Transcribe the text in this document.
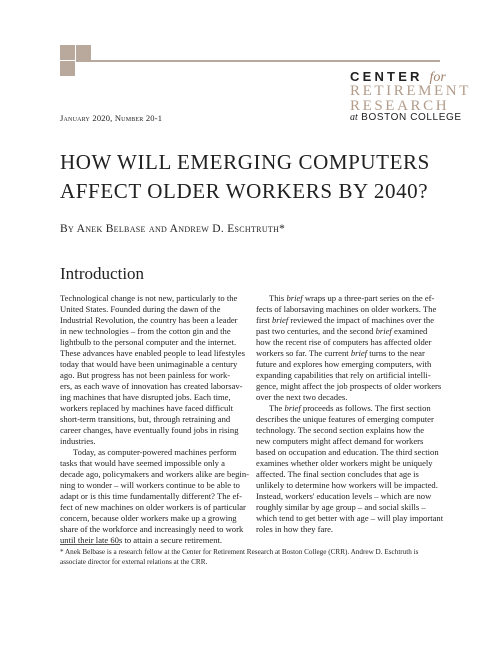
CENTER for
RETIREMENT
RESEARCH
at BOSTON COLLEGE
January 2020, Number 20-1
HOW WILL EMERGING COMPUTERS
AFFECT OLDER WORKERS BY 2040?
By Anek Belbase and Andrew D. Eschtruth*
Introduction
Technological change is not new, particularly to the
United States. Founded during the dawn of the
Industrial Revolution, the country has been a leader
in new technologies – from the cotton gin and the
lightbulb to the personal computer and the internet.
These advances have enabled people to lead lifestyles
today that would have been unimaginable a century
ago. But progress has not been painless for work-
ers, as each wave of innovation has created laborsav-
ing machines that have disrupted jobs. Each time,
workers replaced by machines have faced difficult
short-term transitions, but, through retraining and
career changes, have eventually found jobs in rising
industries.
Today, as computer-powered machines perform
tasks that would have seemed impossible only a
decade ago, policymakers and workers alike are begin-
ning to wonder – will workers continue to be able to
adapt or is this time fundamentally different? The ef-
fect of new machines on older workers is of particular
concern, because older workers make up a growing
share of the workforce and increasingly need to work
until their late 60s to attain a secure retirement.
This brief wraps up a three-part series on the ef-
fects of laborsaving machines on older workers. The
first brief reviewed the impact of machines over the
past two centuries, and the second brief examined
how the recent rise of computers has affected older
workers so far. The current brief turns to the near
future and explores how emerging computers, with
expanding capabilities that rely on artificial intelli-
gence, might affect the job prospects of older workers
over the next two decades.
The brief proceeds as follows. The first section
describes the unique features of emerging computer
technology. The second section explains how the
new computers might affect demand for workers
based on occupation and education. The third section
examines whether older workers might be uniquely
affected. The final section concludes that age is
unlikely to determine how workers will be impacted.
Instead, workers' education levels – which are now
roughly similar by age group – and social skills –
which tend to get better with age – will play important
roles in how they fare.
* Anek Belbase is a research fellow at the Center for Retirement Research at Boston College (CRR). Andrew D. Eschtruth is
associate director for external relations at the CRR.
